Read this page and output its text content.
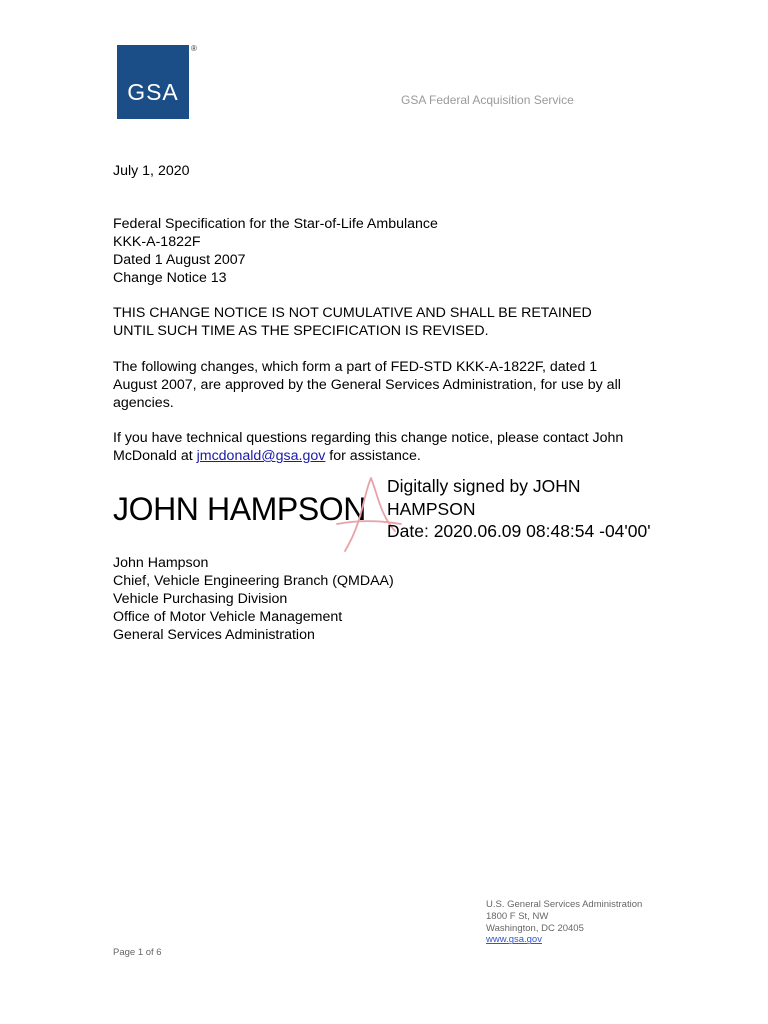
GSA
®
GSA Federal Acquisition Service
July 1, 2020
Federal Specification for the Star-of-Life Ambulance
KKK-A-1822F
Dated 1 August 2007
Change Notice 13
THIS CHANGE NOTICE IS NOT CUMULATIVE AND SHALL BE RETAINED
UNTIL SUCH TIME AS THE SPECIFICATION IS REVISED.
The following changes, which form a part of FED-STD KKK-A-1822F, dated 1
August 2007, are approved by the General Services Administration, for use by all
agencies.
If you have technical questions regarding this change notice, please contact John
McDonald at jmcdonald@gsa.gov for assistance.
JOHN HAMPSON
Digitally signed by JOHN
HAMPSON
Date: 2020.06.09 08:48:54 -04'00'
John Hampson
Chief, Vehicle Engineering Branch (QMDAA)
Vehicle Purchasing Division
Office of Motor Vehicle Management
General Services Administration
U.S. General Services Administration
1800 F St, NW
Washington, DC 20405
www.gsa.gov
Page 1 of 6
